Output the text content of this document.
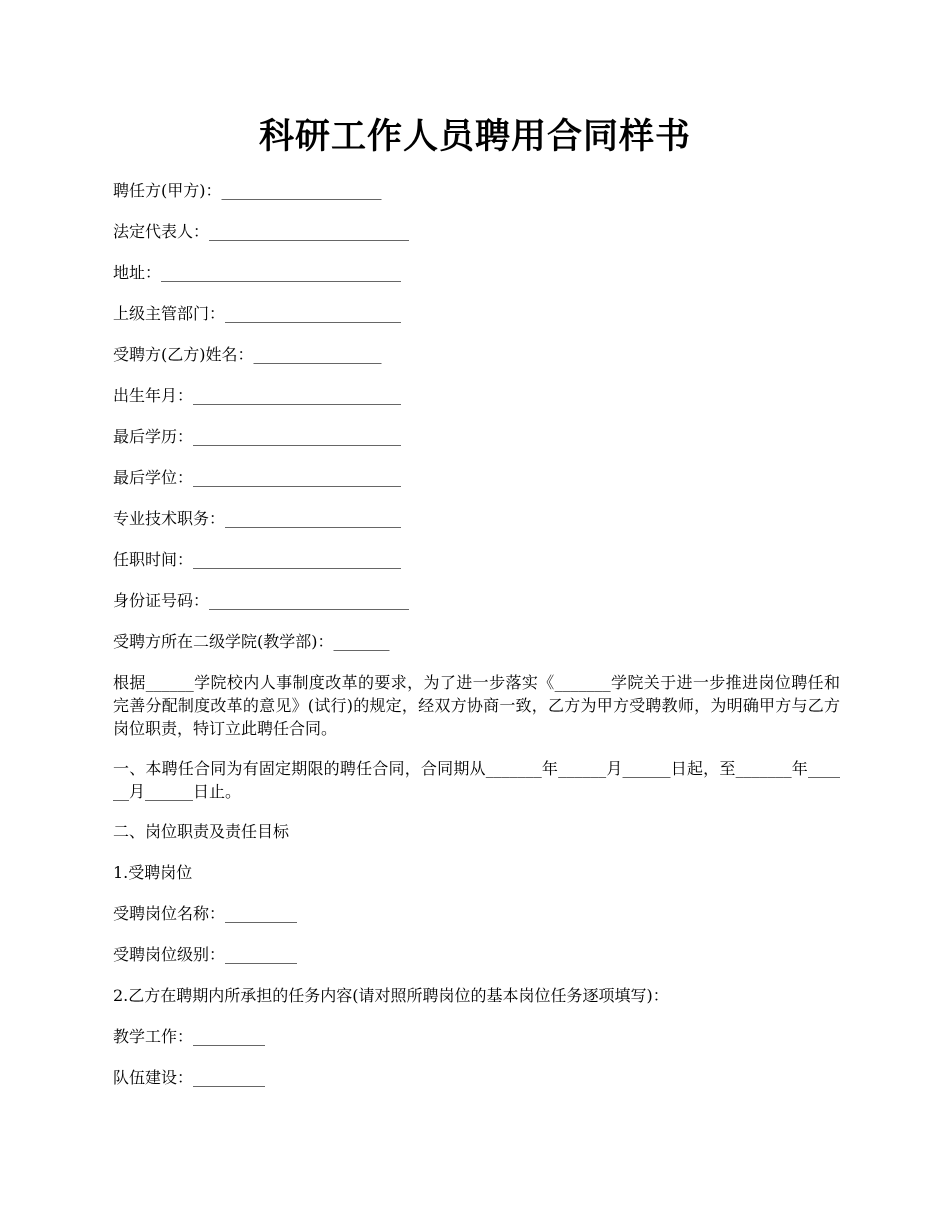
科研工作人员聘用合同样书
聘任方(甲方)：____________________
法定代表人：_________________________
地址：______________________________
上级主管部门：______________________
受聘方(乙方)姓名：________________
出生年月：__________________________
最后学历：__________________________
最后学位：__________________________
专业技术职务：______________________
任职时间：__________________________
身份证号码：_________________________
受聘方所在二级学院(教学部)：_______
根据______学院校内人事制度改革的要求，为了进一步落实《_______学院关于进一步推进岗位聘任和完善分配制度改革的意见》(试行)的规定，经双方协商一致，乙方为甲方受聘教师，为明确甲方与乙方岗位职责，特订立此聘任合同。
一、本聘任合同为有固定期限的聘任合同，合同期从_______年______月______日起，至_______年______月______日止。
二、岗位职责及责任目标
1.受聘岗位
受聘岗位名称：_________
受聘岗位级别：_________
2.乙方在聘期内所承担的任务内容(请对照所聘岗位的基本岗位任务逐项填写)：
教学工作：_________
队伍建设：_________
